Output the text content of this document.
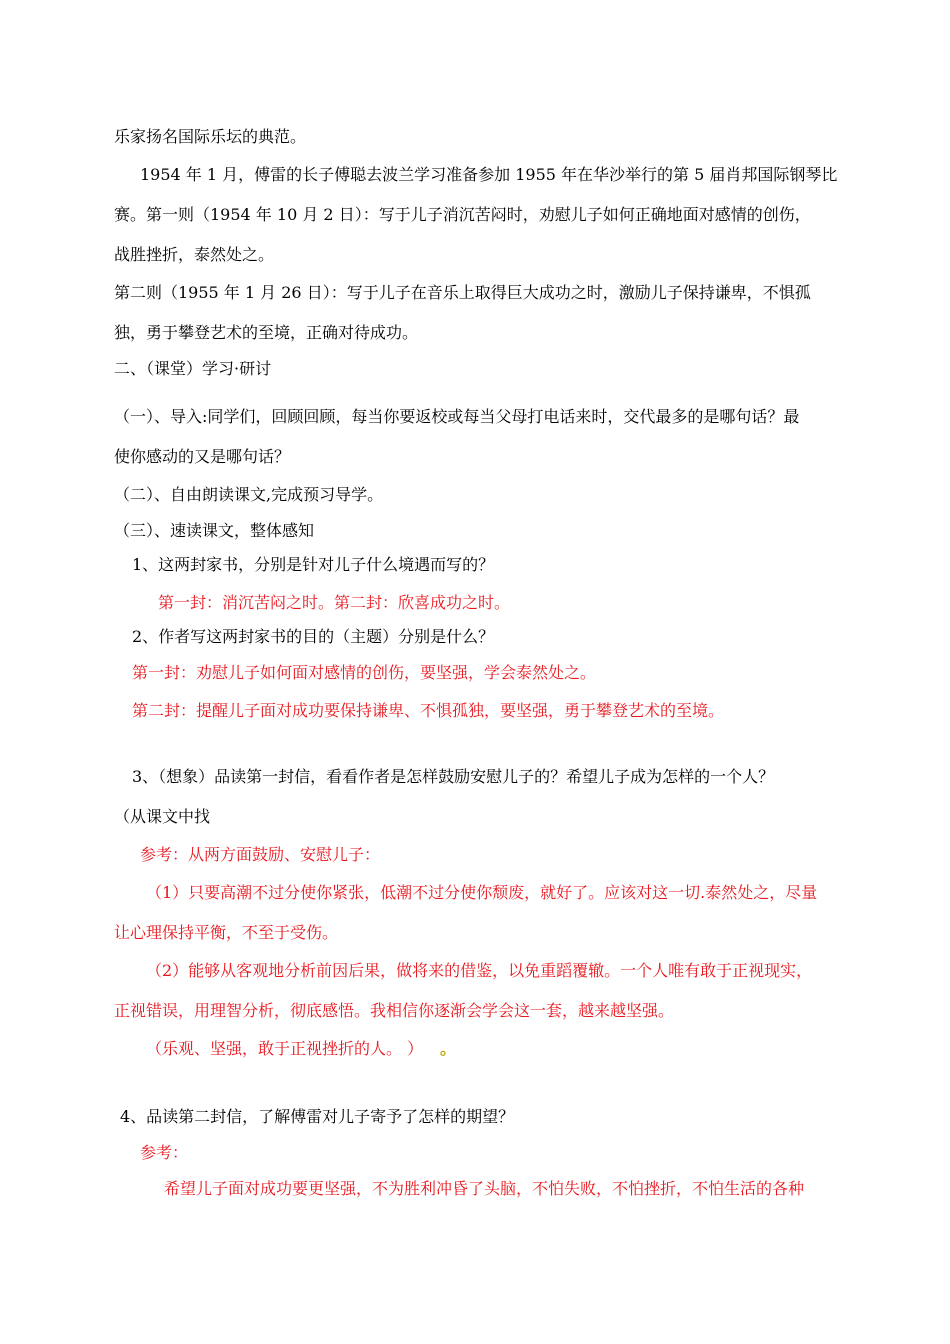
乐家扬名国际乐坛的典范。
1954 年 1 月，傅雷的长子傅聪去波兰学习准备参加 1955 年在华沙举行的第 5 届肖邦国际钢琴比
赛。第一则（1954 年 10 月 2 日）：写于儿子消沉苦闷时，劝慰儿子如何正确地面对感情的创伤，
战胜挫折，泰然处之。
第二则（1955 年 1 月 26 日）：写于儿子在音乐上取得巨大成功之时，激励儿子保持谦卑，不惧孤
独，勇于攀登艺术的至境，正确对待成功。
二、（课堂）学习·研讨
（一）、导入:同学们，回顾回顾，每当你要返校或每当父母打电话来时，交代最多的是哪句话？最
使你感动的又是哪句话？
（二）、自由朗读课文,完成预习导学。
（三）、速读课文，整体感知
1、这两封家书，分别是针对儿子什么境遇而写的？
第一封：消沉苦闷之时。第二封：欣喜成功之时。
2、作者写这两封家书的目的（主题）分别是什么？
第一封：劝慰儿子如何面对感情的创伤，要坚强，学会泰然处之。
第二封：提醒儿子面对成功要保持谦卑、不惧孤独，要坚强，勇于攀登艺术的至境。
3、（想象）品读第一封信，看看作者是怎样鼓励安慰儿子的？希望儿子成为怎样的一个人？
（从课文中找
参考：从两方面鼓励、安慰儿子：
（1）只要高潮不过分使你紧张，低潮不过分使你颓废，就好了。应该对这一切.泰然处之，尽量
让心理保持平衡，不至于受伤。
（2）能够从客观地分析前因后果，做将来的借鉴，以免重蹈覆辙。一个人唯有敢于正视现实，
正视错误，用理智分析，彻底感悟。我相信你逐渐会学会这一套，越来越坚强。
（乐观、坚强，敢于正视挫折的人。 ） 。
4、品读第二封信，了解傅雷对儿子寄予了怎样的期望？
参考：
希望儿子面对成功要更坚强，不为胜利冲昏了头脑，不怕失败，不怕挫折，不怕生活的各种
